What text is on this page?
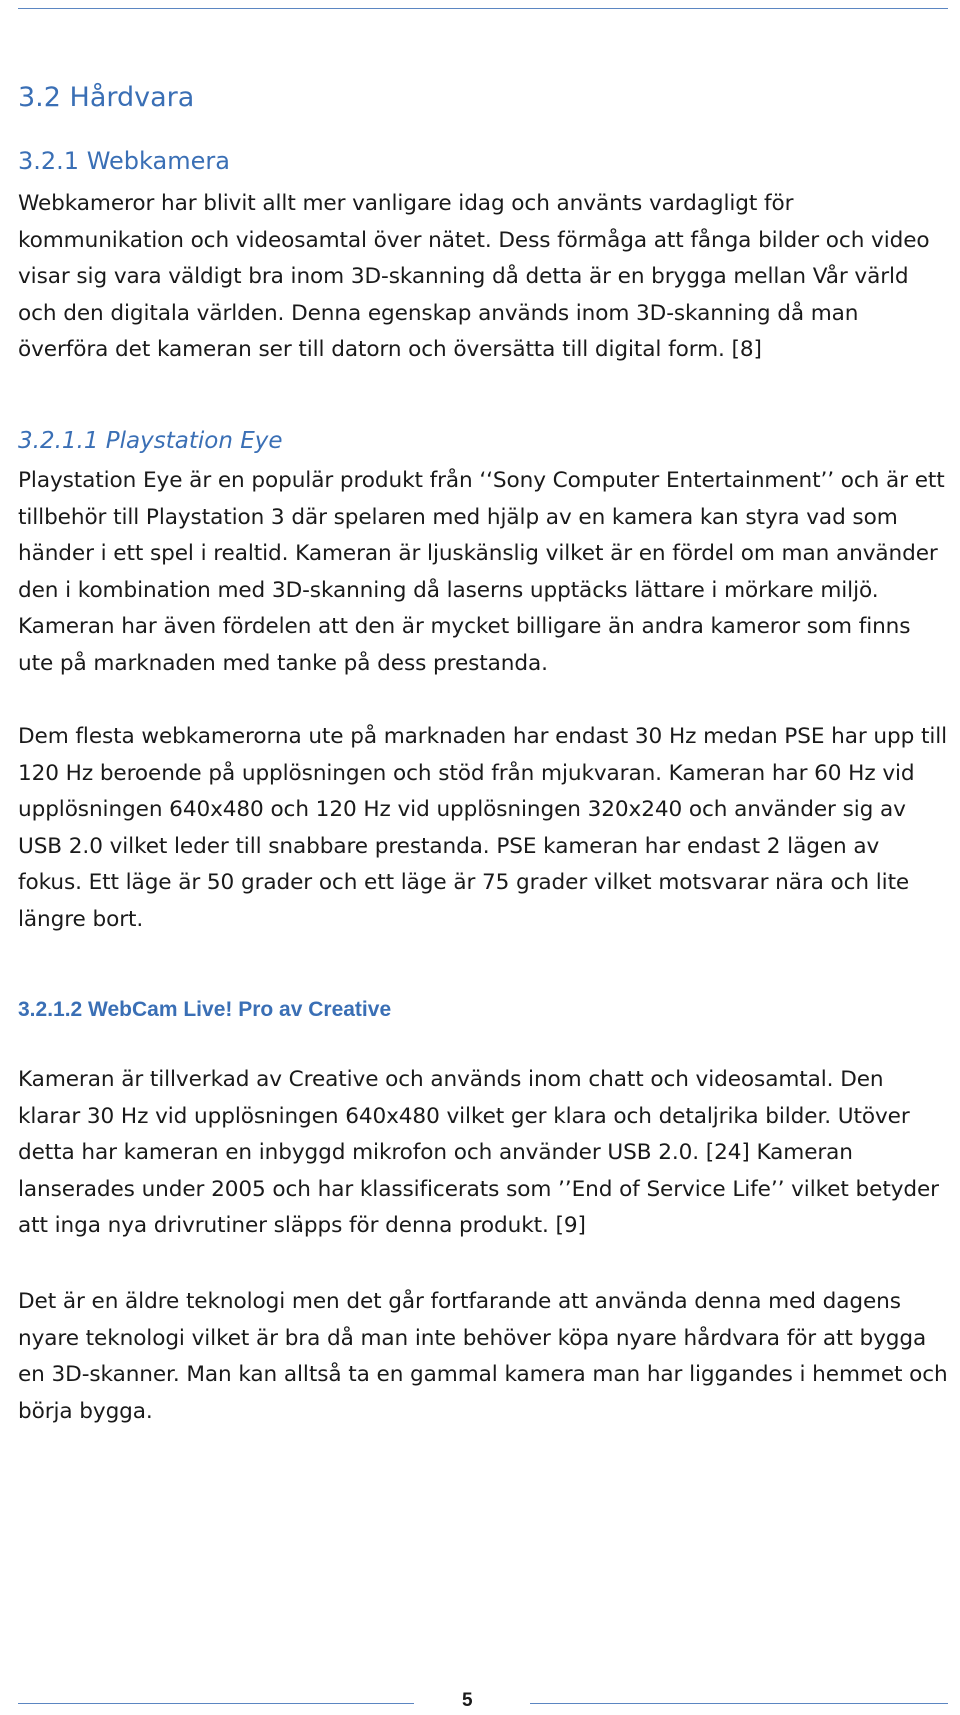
3.2 Hårdvara
3.2.1 Webkamera

Webkameror har blivit allt mer vanligare idag och använts vardagligt för kommunikation och videosamtal över nätet. Dess förmåga att fånga bilder och video visar sig vara väldigt bra inom 3D-skanning då detta är en brygga mellan Vår värld och den digitala världen. Denna egenskap används inom 3D-skanning då man överföra det kameran ser till datorn och översätta till digital form. [8]

3.2.1.1 Playstation Eye

Playstation Eye är en populär produkt från ‘‘Sony Computer Entertainment’’ och är ett tillbehör till Playstation 3 där spelaren med hjälp av en kamera kan styra vad som händer i ett spel i realtid. Kameran är ljuskänslig vilket är en fördel om man använder den i kombination med 3D-skanning då laserns upptäcks lättare i mörkare miljö. Kameran har även fördelen att den är mycket billigare än andra kameror som finns ute på marknaden med tanke på dess prestanda.

Dem flesta webkamerorna ute på marknaden har endast 30 Hz medan PSE har upp till 120 Hz beroende på upplösningen och stöd från mjukvaran. Kameran har 60 Hz vid upplösningen 640x480 och 120 Hz vid upplösningen 320x240 och använder sig av USB 2.0 vilket leder till snabbare prestanda. PSE kameran har endast 2 lägen av fokus. Ett läge är 50 grader och ett läge är 75 grader vilket motsvarar nära och lite längre bort.

3.2.1.2 WebCam Live! Pro av Creative

Kameran är tillverkad av Creative och används inom chatt och videosamtal. Den klarar 30 Hz vid upplösningen 640x480 vilket ger klara och detaljrika bilder. Utöver detta har kameran en inbyggd mikrofon och använder USB 2.0. [24] Kameran lanserades under 2005 och har klassificerats som ’’End of Service Life’’ vilket betyder att inga nya drivrutiner släpps för denna produkt. [9]

Det är en äldre teknologi men det går fortfarande att använda denna med dagens nyare teknologi vilket är bra då man inte behöver köpa nyare hårdvara för att bygga en 3D-skanner. Man kan alltså ta en gammal kamera man har liggandes i hemmet och börja bygga.

5
